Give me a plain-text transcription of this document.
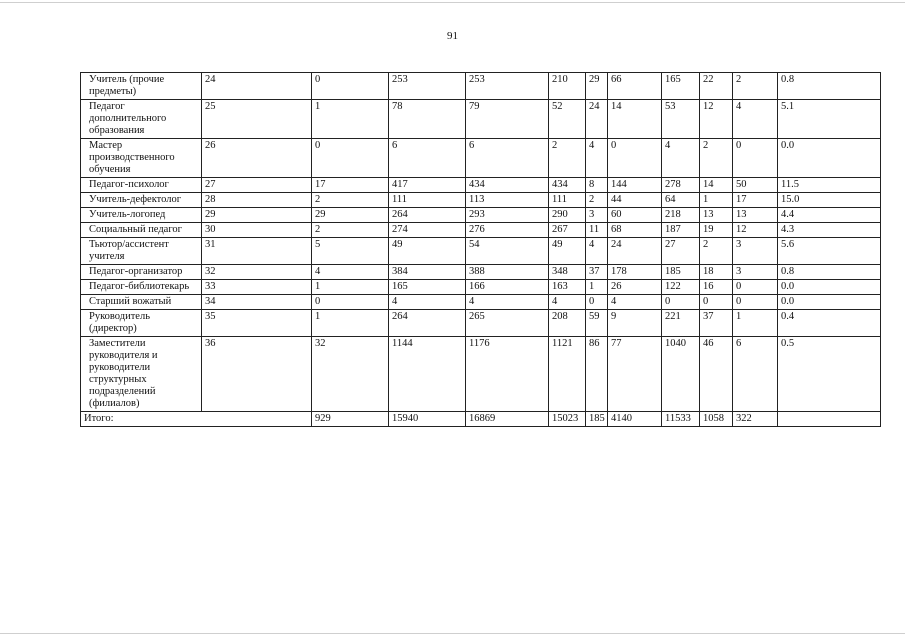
91
Учитель (прочие предметы)	24	0	253	253	210	29	66	165	22	2	0.8
Педагог дополнительного образования	25	1	78	79	52	24	14	53	12	4	5.1
Мастер производственного обучения	26	0	6	6	2	4	0	4	2	0	0.0
Педагог-психолог	27	17	417	434	434	8	144	278	14	50	11.5
Учитель-дефектолог	28	2	111	113	111	2	44	64	1	17	15.0
Учитель-логопед	29	29	264	293	290	3	60	218	13	13	4.4
Социальный педагог	30	2	274	276	267	11	68	187	19	12	4.3
Тьютор/ассистент учителя	31	5	49	54	49	4	24	27	2	3	5.6
Педагог-организатор	32	4	384	388	348	37	178	185	18	3	0.8
Педагог-библиотекарь	33	1	165	166	163	1	26	122	16	0	0.0
Старший вожатый	34	0	4	4	4	0	4	0	0	0	0.0
Руководитель (директор)	35	1	264	265	208	59	9	221	37	1	0.4
Заместители руководителя и руководители структурных подразделений (филиалов)	36	32	1144	1176	1121	86	77	1040	46	6	0.5
Итого:		929	15940	16869	15023	185	4140	11533	1058	322	
